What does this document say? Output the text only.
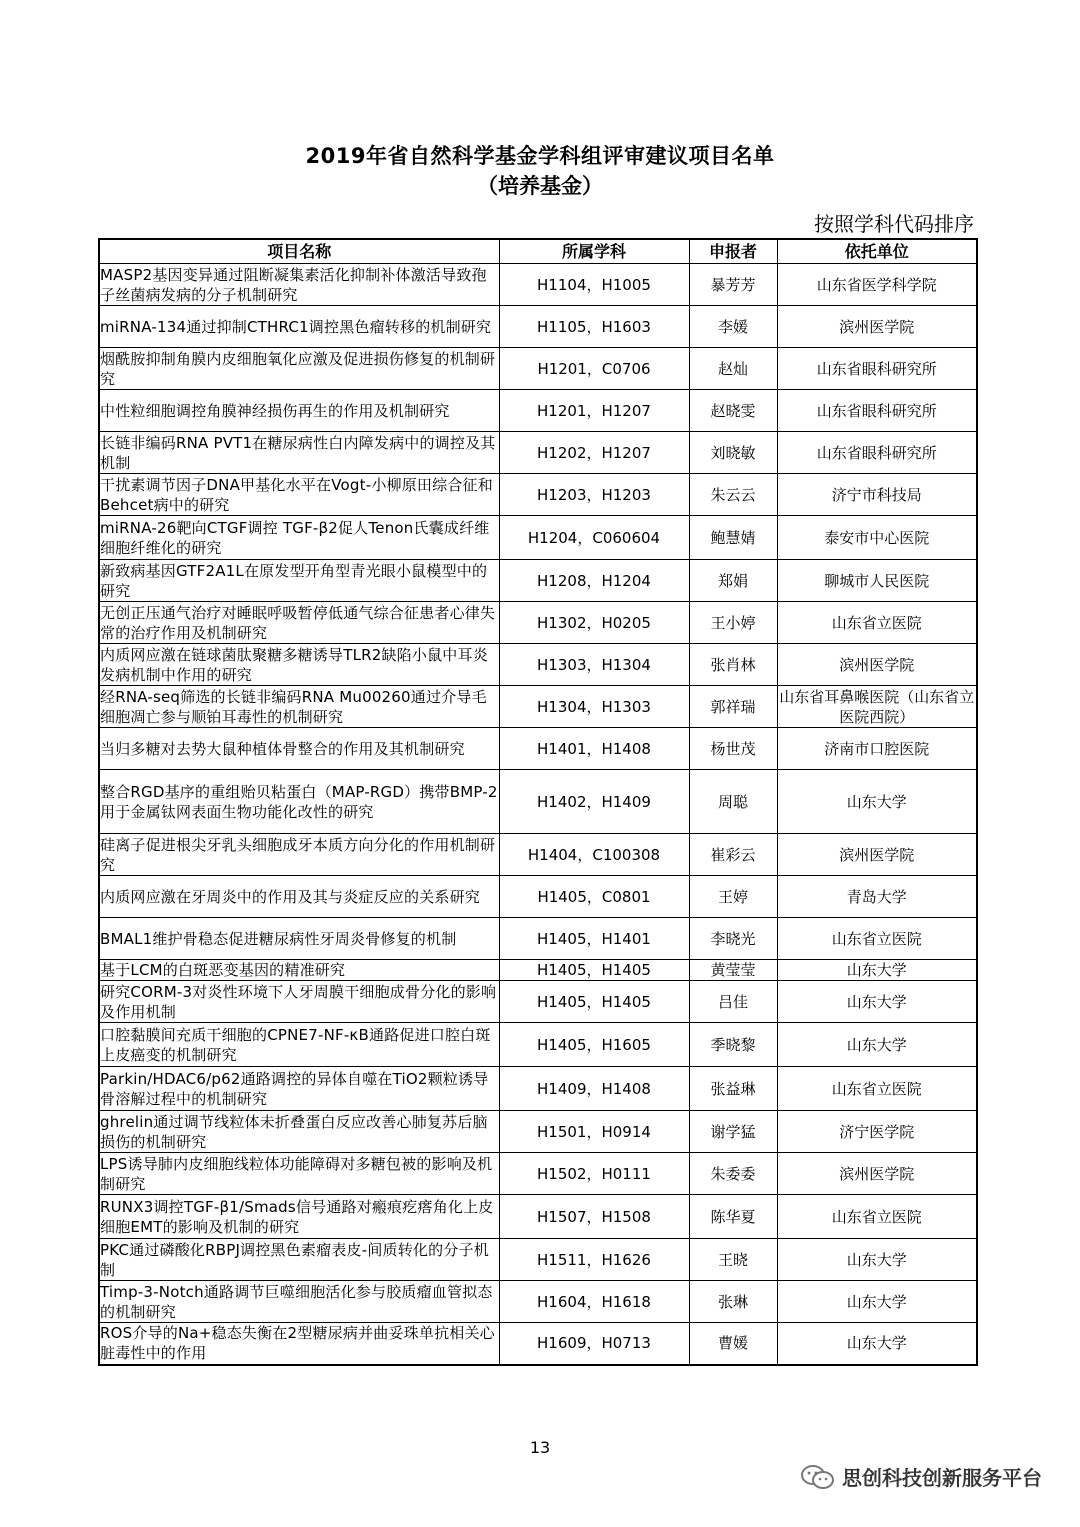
2019年省自然科学基金学科组评审建议项目名单
（培养基金）
按照学科代码排序
项目名称	所属学科	申报者	依托单位
MASP2基因变异通过阻断凝集素活化抑制补体激活导致孢子丝菌病发病的分子机制研究	H1104，H1005	暴芳芳	山东省医学科学院
miRNA-134通过抑制CTHRC1调控黑色瘤转移的机制研究	H1105，H1603	李媛	滨州医学院
烟酰胺抑制角膜内皮细胞氧化应激及促进损伤修复的机制研究	H1201，C0706	赵灿	山东省眼科研究所
中性粒细胞调控角膜神经损伤再生的作用及机制研究	H1201，H1207	赵晓雯	山东省眼科研究所
长链非编码RNA PVT1在糖尿病性白内障发病中的调控及其机制	H1202，H1207	刘晓敏	山东省眼科研究所
干扰素调节因子DNA甲基化水平在Vogt-小柳原田综合征和Behcet病中的研究	H1203，H1203	朱云云	济宁市科技局
miRNA-26靶向CTGF调控 TGF-β2促人Tenon氏囊成纤维细胞纤维化的研究	H1204，C060604	鲍慧婧	泰安市中心医院
新致病基因GTF2A1L在原发型开角型青光眼小鼠模型中的研究	H1208，H1204	郑娟	聊城市人民医院
无创正压通气治疗对睡眠呼吸暂停低通气综合征患者心律失常的治疗作用及机制研究	H1302，H0205	王小婷	山东省立医院
内质网应激在链球菌肽聚糖多糖诱导TLR2缺陷小鼠中耳炎发病机制中作用的研究	H1303，H1304	张肖林	滨州医学院
经RNA-seq筛选的长链非编码RNA Mu00260通过介导毛细胞凋亡参与顺铂耳毒性的机制研究	H1304，H1303	郭祥瑞	山东省耳鼻喉医院（山东省立医院西院）
当归多糖对去势大鼠种植体骨整合的作用及其机制研究	H1401，H1408	杨世茂	济南市口腔医院
整合RGD基序的重组贻贝粘蛋白（MAP-RGD）携带BMP-2用于金属钛网表面生物功能化改性的研究	H1402，H1409	周聪	山东大学
硅离子促进根尖牙乳头细胞成牙本质方向分化的作用机制研究	H1404，C100308	崔彩云	滨州医学院
内质网应激在牙周炎中的作用及其与炎症反应的关系研究	H1405，C0801	王婷	青岛大学
BMAL1维护骨稳态促进糖尿病性牙周炎骨修复的机制	H1405，H1401	李晓光	山东省立医院
基于LCM的白斑恶变基因的精准研究	H1405，H1405	黄莹莹	山东大学
研究CORM-3对炎性环境下人牙周膜干细胞成骨分化的影响及作用机制	H1405，H1405	吕佳	山东大学
口腔黏膜间充质干细胞的CPNE7-NF-κB通路促进口腔白斑上皮癌变的机制研究	H1405，H1605	季晓黎	山东大学
Parkin/HDAC6/p62通路调控的异体自噬在TiO2颗粒诱导骨溶解过程中的机制研究	H1409，H1408	张益琳	山东省立医院
ghrelin通过调节线粒体未折叠蛋白反应改善心肺复苏后脑损伤的机制研究	H1501，H0914	谢学猛	济宁医学院
LPS诱导肺内皮细胞线粒体功能障碍对多糖包被的影响及机制研究	H1502，H0111	朱委委	滨州医学院
RUNX3调控TGF-β1/Smads信号通路对瘢痕疙瘩角化上皮细胞EMT的影响及机制的研究	H1507，H1508	陈华夏	山东省立医院
PKC通过磷酸化RBPJ调控黑色素瘤表皮-间质转化的分子机制	H1511，H1626	王晓	山东大学
Timp-3-Notch通路调节巨噬细胞活化参与胶质瘤血管拟态的机制研究	H1604，H1618	张琳	山东大学
ROS介导的Na+稳态失衡在2型糖尿病并曲妥珠单抗相关心脏毒性中的作用	H1609，H0713	曹媛	山东大学
13
思创科技创新服务平台
